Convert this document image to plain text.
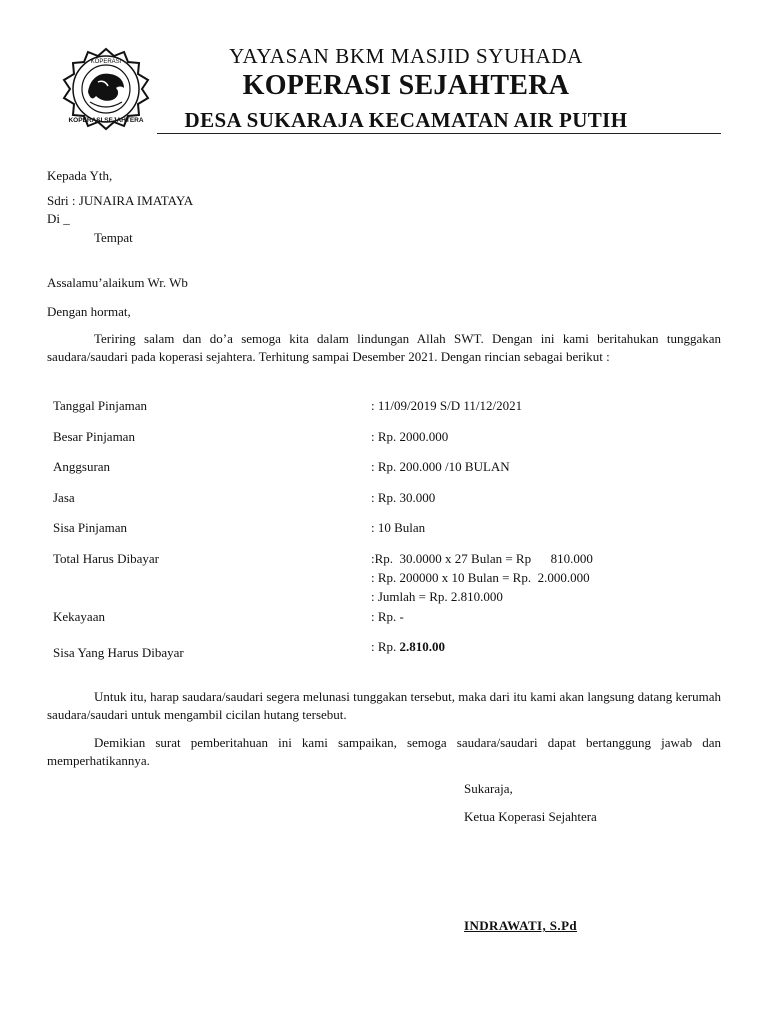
KOPERASI
KOPERASI SEJAHTERA
YAYASAN BKM MASJID SYUHADA
KOPERASI SEJAHTERA
DESA SUKARAJA KECAMATAN AIR PUTIH
Kepada Yth,
Sdri : JUNAIRA IMATAYA
Di _
Tempat
Assalamu’alaikum Wr. Wb
Dengan hormat,
Teriring salam dan do’a semoga kita dalam lindungan Allah SWT. Dengan ini kami beritahukan tunggakan saudara/saudari pada koperasi sejahtera. Terhitung sampai Desember 2021. Dengan rincian sebagai berikut :
Tanggal Pinjaman	: 11/09/2019 S/D 11/12/2021
Besar Pinjaman	: Rp. 2000.000
Anggsuran	: Rp. 200.000 /10 BULAN
Jasa	: Rp. 30.000
Sisa Pinjaman	: 10 Bulan
Total Harus Dibayar	:Rp.  30.0000 x 27 Bulan = Rp      810.000
: Rp. 200000 x 10 Bulan = Rp.  2.000.000
: Jumlah = Rp. 2.810.000
Kekayaan	: Rp. -
Sisa Yang Harus Dibayar	: Rp. 2.810.00
Untuk itu, harap saudara/saudari segera melunasi tunggakan tersebut, maka dari itu kami akan langsung datang kerumah saudara/saudari untuk mengambil cicilan hutang tersebut.
Demikian surat pemberitahuan ini kami sampaikan, semoga saudara/saudari dapat bertanggung jawab dan memperhatikannya.
Sukaraja,
Ketua Koperasi Sejahtera
INDRAWATI, S.Pd
